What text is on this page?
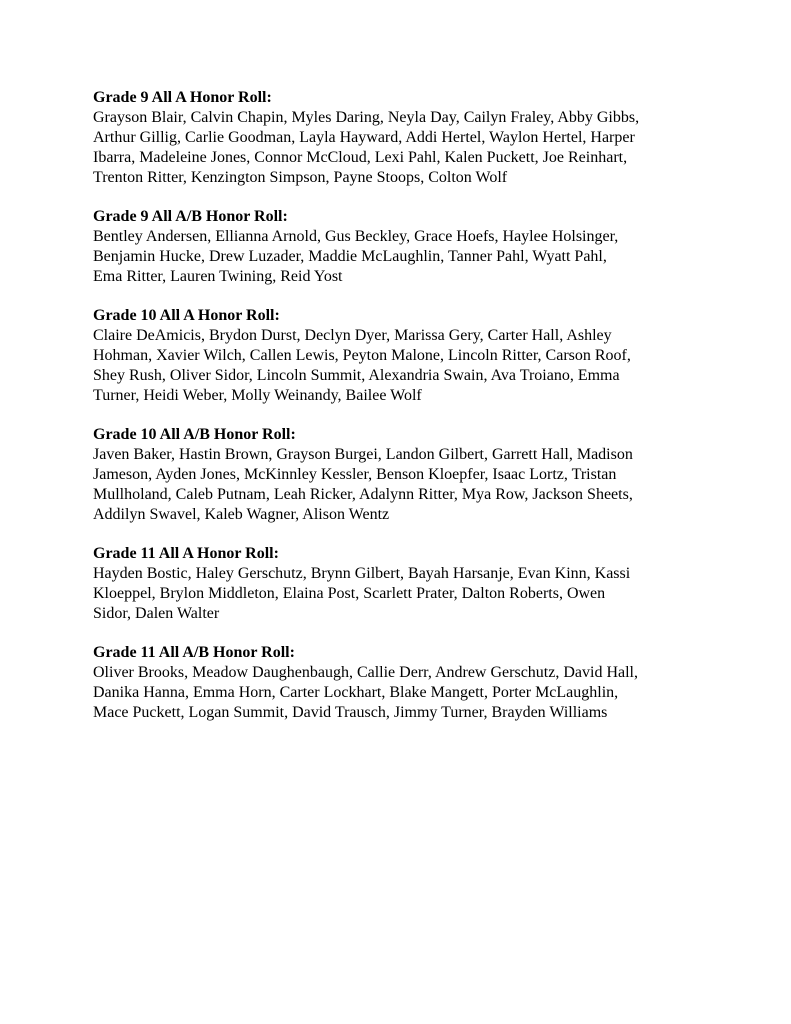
Grade 9 All A Honor Roll:
Grayson Blair, Calvin Chapin, Myles Daring, Neyla Day, Cailyn Fraley, Abby Gibbs,
Arthur Gillig, Carlie Goodman, Layla Hayward, Addi Hertel, Waylon Hertel, Harper
Ibarra, Madeleine Jones, Connor McCloud, Lexi Pahl, Kalen Puckett, Joe Reinhart,
Trenton Ritter, Kenzington Simpson, Payne Stoops, Colton Wolf
Grade 9 All A/B Honor Roll:
Bentley Andersen, Ellianna Arnold, Gus Beckley, Grace Hoefs, Haylee Holsinger,
Benjamin Hucke, Drew Luzader, Maddie McLaughlin, Tanner Pahl, Wyatt Pahl,
Ema Ritter, Lauren Twining, Reid Yost
Grade 10 All A Honor Roll:
Claire DeAmicis, Brydon Durst, Declyn Dyer, Marissa Gery, Carter Hall, Ashley
Hohman, Xavier Wilch, Callen Lewis, Peyton Malone, Lincoln Ritter, Carson Roof,
Shey Rush, Oliver Sidor, Lincoln Summit, Alexandria Swain, Ava Troiano, Emma
Turner, Heidi Weber, Molly Weinandy, Bailee Wolf
Grade 10 All A/B Honor Roll:
Javen Baker, Hastin Brown, Grayson Burgei, Landon Gilbert, Garrett Hall, Madison
Jameson, Ayden Jones, McKinnley Kessler, Benson Kloepfer, Isaac Lortz, Tristan
Mullholand, Caleb Putnam, Leah Ricker, Adalynn Ritter, Mya Row, Jackson Sheets,
Addilyn Swavel, Kaleb Wagner, Alison Wentz
Grade 11 All A Honor Roll:
Hayden Bostic, Haley Gerschutz, Brynn Gilbert, Bayah Harsanje, Evan Kinn, Kassi
Kloeppel, Brylon Middleton, Elaina Post, Scarlett Prater, Dalton Roberts, Owen
Sidor, Dalen Walter
Grade 11 All A/B Honor Roll:
Oliver Brooks, Meadow Daughenbaugh, Callie Derr, Andrew Gerschutz, David Hall,
Danika Hanna, Emma Horn, Carter Lockhart, Blake Mangett, Porter McLaughlin,
Mace Puckett, Logan Summit, David Trausch, Jimmy Turner, Brayden Williams
